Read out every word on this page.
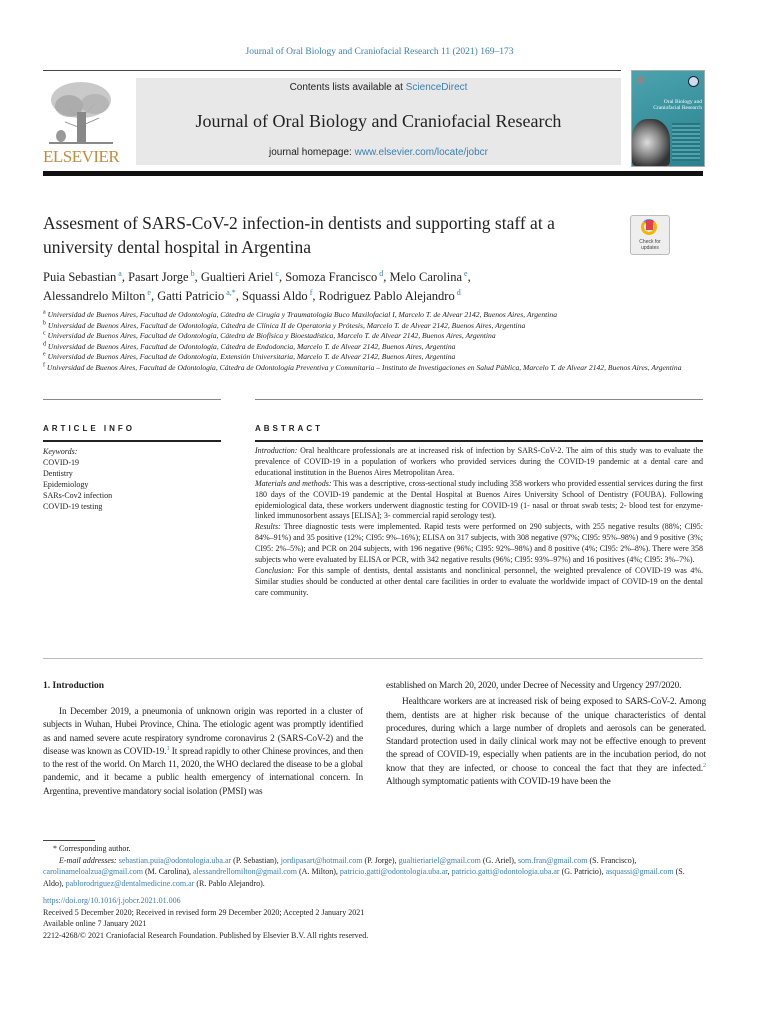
Journal of Oral Biology and Craniofacial Research 11 (2021) 169–173
ELSEVIER
Contents lists available at ScienceDirect
Journal of Oral Biology and Craniofacial Research
journal homepage: www.elsevier.com/locate/jobcr
Oral Biology and Craniofacial Research
Assesment of SARS-CoV-2 infection-in dentists and supporting staff at a university dental hospital in Argentina	Check for updates
Puia Sebastian $^a$, Pasart Jorge $^b$, Gualtieri Ariel $^c$, Somoza Francisco $^d$, Melo Carolina $^e$,
Alessandrelo Milton $^e$, Gatti Patricio $^{a,*}$, Squassi Aldo $^f$, Rodriguez Pablo Alejandro $^d$
$^a$ Universidad de Buenos Aires, Facultad de Odontología, Cátedra de Cirugía y Traumatología Buco Maxilofacial I, Marcelo T. de Alvear 2142, Buenos Aires, Argentina
$^b$ Universidad de Buenos Aires, Facultad de Odontología, Cátedra de Clínica II de Operatoria y Prótesis, Marcelo T. de Alvear 2142, Buenos Aires, Argentina
$^c$ Universidad de Buenos Aires, Facultad de Odontología, Cátedra de Biofísica y Bioestadística, Marcelo T. de Alvear 2142, Buenos Aires, Argentina
$^d$ Universidad de Buenos Aires, Facultad de Odontología, Cátedra de Endodoncia, Marcelo T. de Alvear 2142, Buenos Aires, Argentina
$^e$ Universidad de Buenos Aires, Facultad de Odontología, Extensión Universitaria, Marcelo T. de Alvear 2142, Buenos Aires, Argentina
$^f$ Universidad de Buenos Aires, Facultad de Odontología, Cátedra de Odontología Preventiva y Comunitaria – Instituto de Investigaciones en Salud Pública, Marcelo T. de Alvear 2142, Buenos Aires, Argentina
ARTICLE INFO	ABSTRACT
Keywords:
COVID-19
Dentistry
Epidemiology
SARs-Cov2 infection
COVID-19 testing

Introduction: Oral healthcare professionals are at increased risk of infection by SARS-CoV-2. The aim of this study was to evaluate the prevalence of COVID-19 in a population of workers who provided services during the COVID-19 pandemic at a dental care and educational institution in the Buenos Aires Metropolitan Area.

Materials and methods: This was a descriptive, cross-sectional study including 358 workers who provided essential services during the first 180 days of the COVID-19 pandemic at the Dental Hospital at Buenos Aires University School of Dentistry (FOUBA). Following epidemiological data, these workers underwent diagnostic testing for COVID-19 (1- nasal or throat swab tests; 2- blood test for enzyme-linked immunosorbent assays [ELISA]; 3- commercial rapid serology test).

Results: Three diagnostic tests were implemented. Rapid tests were performed on 290 subjects, with 255 negative results (88%; CI95: 84%–91%) and 35 positive (12%; CI95: 9%–16%); ELISA on 317 subjects, with 308 negative (97%; CI95: 95%–98%) and 9 positive (3%; CI95: 2%–5%); and PCR on 204 subjects, with 196 negative (96%; CI95: 92%–98%) and 8 positive (4%; CI95: 2%–8%). There were 358 subjects who were evaluated by ELISA or PCR, with 342 negative results (96%; CI95: 93%–97%) and 16 positives (4%; CI95: 3%–7%).

Conclusion: For this sample of dentists, dental assistants and nonclinical personnel, the weighted prevalence of COVID-19 was 4%. Similar studies should be conducted at other dental care facilities in order to evaluate the worldwide impact of COVID-19 on the dental care community.

1. Introduction

In December 2019, a pneumonia of unknown origin was reported in a cluster of subjects in Wuhan, Hubei Province, China. The etiologic agent was promptly identified as and named severe acute respiratory syndrome coronavirus 2 (SARS-CoV-2) and the disease was known as COVID-19.$^1$ It spread rapidly to other Chinese provinces, and then to the rest of the world. On March 11, 2020, the WHO declared the disease to be a global pandemic, and it became a public health emergency of international concern. In Argentina, preventive mandatory social isolation (PMSI) was

established on March 20, 2020, under Decree of Necessity and Urgency 297/2020.

Healthcare workers are at increased risk of being exposed to SARS-CoV-2. Among them, dentists are at higher risk because of the unique characteristics of dental procedures, during which a large number of droplets and aerosols can be generated. Standard protection used in daily clinical work may not be effective enough to prevent the spread of COVID-19, especially when patients are in the incubation period, do not know that they are infected, or choose to conceal the fact that they are infected.$^2$ Although symptomatic patients with COVID-19 have been the

* Corresponding author.
E-mail addresses: sebastian.puia@odontologia.uba.ar (P. Sebastian), jordipasart@hotmail.com (P. Jorge), gualtieriariel@gmail.com (G. Ariel), som.fran@gmail.com (S. Francisco), carolinameloalzua@gmail.com (M. Carolina), alessandrellomilton@gmail.com (A. Milton), patricio.gatti@odontologia.uba.ar, patricio.gatti@odontologia.uba.ar (G. Patricio), asquassi@gmail.com (S. Aldo), pablorodriguez@dentalmedicine.com.ar (R. Pablo Alejandro).
https://doi.org/10.1016/j.jobcr.2021.01.006
Received 5 December 2020; Received in revised form 29 December 2020; Accepted 2 January 2021
Available online 7 January 2021
2212-4268/© 2021 Craniofacial Research Foundation. Published by Elsevier B.V. All rights reserved.
